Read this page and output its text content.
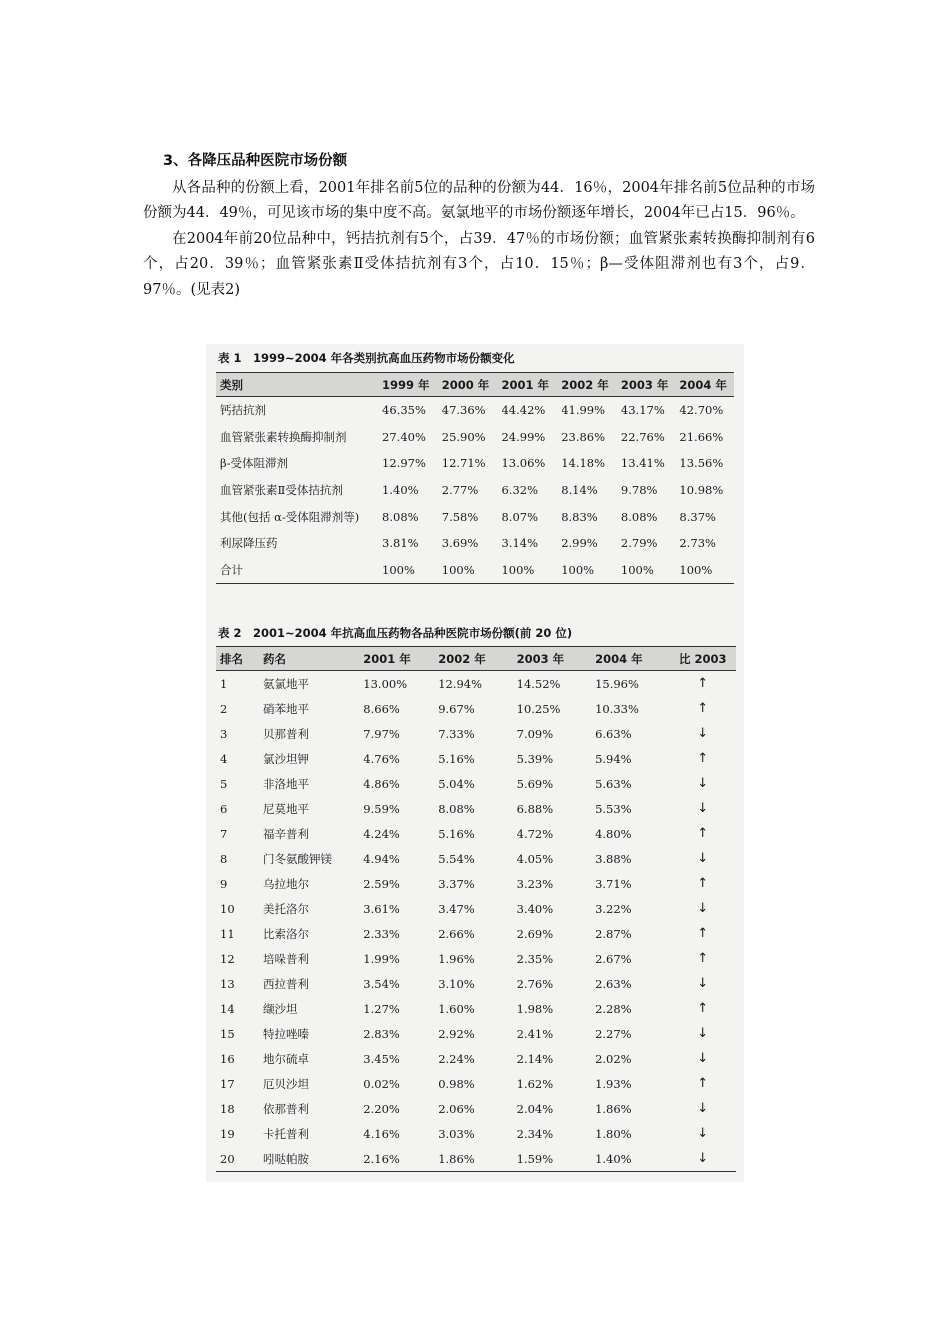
3、各降压品种医院市场份额

从各品种的份额上看，2001年排名前5位的品种的份额为44．16％，2004年排名前5位品种的市场份额为44．49％，可见该市场的集中度不高。氨氯地平的市场份额逐年增长，2004年已占15．96％。

在2004年前20位品种中，钙拮抗剂有5个，占39．47％的市场份额；血管紧张素转换酶抑制剂有6个，占20．39％；血管紧张素Ⅱ受体拮抗剂有3个，占10．15％；β—受体阻滞剂也有3个，占9．97％。(见表2)

表 1　1999~2004 年各类别抗高血压药物市场份额变化
类别	1999 年	2000 年	2001 年	2002 年	2003 年	2004 年
钙拮抗剂	46.35%	47.36%	44.42%	41.99%	43.17%	42.70%
血管紧张素转换酶抑制剂	27.40%	25.90%	24.99%	23.86%	22.76%	21.66%
β-受体阻滞剂	12.97%	12.71%	13.06%	14.18%	13.41%	13.56%
血管紧张素Ⅱ受体拮抗剂	1.40%	2.77%	6.32%	8.14%	9.78%	10.98%
其他(包括 α-受体阻滞剂等)	8.08%	7.58%	8.07%	8.83%	8.08%	8.37%
利尿降压药	3.81%	3.69%	3.14%	2.99%	2.79%	2.73%
合计	100%	100%	100%	100%	100%	100%
表 2　2001~2004 年抗高血压药物各品种医院市场份额(前 20 位)
排名	药名	2001 年	2002 年	2003 年	2004 年	比 2003
1	氨氯地平	13.00%	12.94%	14.52%	15.96%	↑
2	硝苯地平	8.66%	9.67%	10.25%	10.33%	↑
3	贝那普利	7.97%	7.33%	7.09%	6.63%	↓
4	氯沙坦钾	4.76%	5.16%	5.39%	5.94%	↑
5	非洛地平	4.86%	5.04%	5.69%	5.63%	↓
6	尼莫地平	9.59%	8.08%	6.88%	5.53%	↓
7	福辛普利	4.24%	5.16%	4.72%	4.80%	↑
8	门冬氨酸钾镁	4.94%	5.54%	4.05%	3.88%	↓
9	乌拉地尔	2.59%	3.37%	3.23%	3.71%	↑
10	美托洛尔	3.61%	3.47%	3.40%	3.22%	↓
11	比索洛尔	2.33%	2.66%	2.69%	2.87%	↑
12	培哚普利	1.99%	1.96%	2.35%	2.67%	↑
13	西拉普利	3.54%	3.10%	2.76%	2.63%	↓
14	缬沙坦	1.27%	1.60%	1.98%	2.28%	↑
15	特拉唑嗪	2.83%	2.92%	2.41%	2.27%	↓
16	地尔硫卓	3.45%	2.24%	2.14%	2.02%	↓
17	厄贝沙坦	0.02%	0.98%	1.62%	1.93%	↑
18	依那普利	2.20%	2.06%	2.04%	1.86%	↓
19	卡托普利	4.16%	3.03%	2.34%	1.80%	↓
20	吲哒帕胺	2.16%	1.86%	1.59%	1.40%	↓
